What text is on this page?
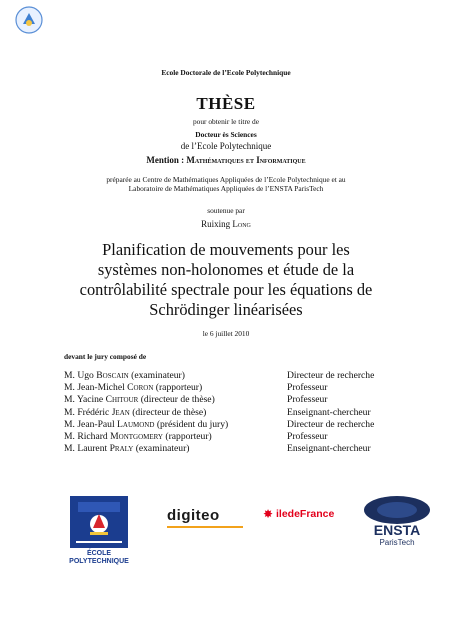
Ecole Doctorale de l’Ecole Polytechnique
THÈSE
pour obtenir le titre de
Docteur ès Sciences
de l’Ecole Polytechnique
Mention : Mathématiques et Informatique
préparée au Centre de Mathématiques Appliquées de l’Ecole Polytechnique et au
Laboratoire de Mathématiques Appliquées de l’ENSTA ParisTech
soutenue par
Ruixing Long
Planification de mouvements pour les
systèmes non-holonomes et étude de la
contrôlabilité spectrale pour les équations de
Schrödinger linéarisées
le 6 juillet 2010
devant le jury composé de
M. Ugo Boscain (examinateur)	Directeur de recherche
M. Jean-Michel Coron (rapporteur)	Professeur
M. Yacine Chitour (directeur de thèse)	Professeur
M. Frédéric Jean (directeur de thèse)	Enseignant-chercheur
M. Jean-Paul Laumond (président du jury)	Directeur de recherche
M. Richard Montgomery (rapporteur)	Professeur
M. Laurent Praly (examinateur)	Enseignant-chercheur
ÉCOLE POLYTECHNIQUE
digiteo	✸ iledeFrance
ENSTA
ParisTech
